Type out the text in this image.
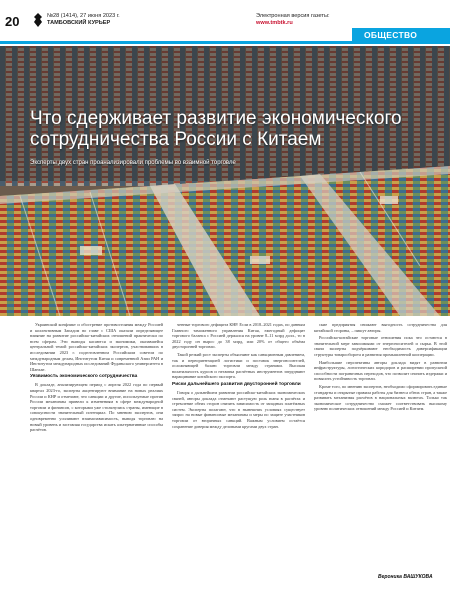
20	№28 (1414), 27 июня 2023 г.
ТАМБОВСКИЙ КУРЬЕР
Электронная версия газеты:
www.tmbtk.ru
ОБЩЕСТВО
Что сдерживает развитие экономического сотрудничества России с Китаем
Эксперты двух стран проанализировали проблемы во взаимной торговле

Украинский конфликт и обострение противостояния между Россией и коллективным Западом во главе с США оказали определяющее влияние на развитие российско-китайских отношений практически по всем сферам. Эти выводы касаются и экономики, оказавшейся центральной темой российско-китайских экспертов, участвовавших в исследовании 2023 г. подготовленном Российским советом по международным делам, Институтом Китая и современной Азии РАН и Институтом международных исследований Фуданьского университета в Шанхае.

Уязвимость экономического сотрудничества

В докладе, анализирующем период с апреля 2022 года по первый квартал 2023-го, эксперты акцентируют внимание на новых реалиях России и КНР и отмечают, что санкции и другие, используемые против России механизмы привели к изменениям в сфере международной торговли и финансов, с которыми уже столкнулись страны, имеющие в совокупности значительный потенциал. По мнению экспертов, они одновременно усиливают взаимозависимость, выводя торговлю на новый уровень и заставляя государства искать альтернативные способы расчётов.

ченные торгового дефицита КНР. Если в 2018–2021 годах, по данным Главного таможенного управления Китая, ежегодный дефицит торгового баланса с Россией держался на уровне 8–11 млрд долл., то в 2022 году он вырос до 38 млрд, или 20% от общего объёма двусторонней торговли.

Такой резкий рост эксперты объясняют как санкционным давлением, так и переориентацией логистики и поставок энергоносителей, осложняющей баланс торговли между странами. Высокая волатильность курсов и нехватка расчётных инструментов затрудняют наращивание китайского экспорта.

Риски дальнейшего развития двусторонней торговли

Говоря о дальнейшем развитии российско-китайских экономических связей, авторы доклада отмечают растущую роль юаня в расчётах и стремление обеих сторон снизить зависимость от западных платёжных систем. Эксперты полагают, что в нынешних условиях существует запрос на новые финансовые механизмы и меры по защите участников торговли от вторичных санкций. Важным условием остаётся сохранение доверия между деловыми кругами двух стран.

ские предприятия снижают выгодность сотрудничества для китайской стороны, – пишут авторы.

Российско-китайские торговые отношения пока что остаются в значительной мере зависимыми от энергоносителей и сырья. В этой связи эксперты подчёркивают необходимость диверсификации структуры товарооборота и развития промышленной кооперации.

Наибольшие перспективы авторы доклада видят в развитии инфраструктуры, логистических коридоров и расширении пропускной способности пограничных переходов, что позволит снизить издержки и повысить устойчивость торговли.

Кроме того, по мнению экспертов, необходимо сформировать единые стандарты и открытые правила работы для бизнеса обеих стран, а также развивать механизмы расчётов в национальных валютах. Только так экономическое сотрудничество сможет соответствовать высокому уровню политических отношений между Россией и Китаем.

Вероника ВАШУКОВА
